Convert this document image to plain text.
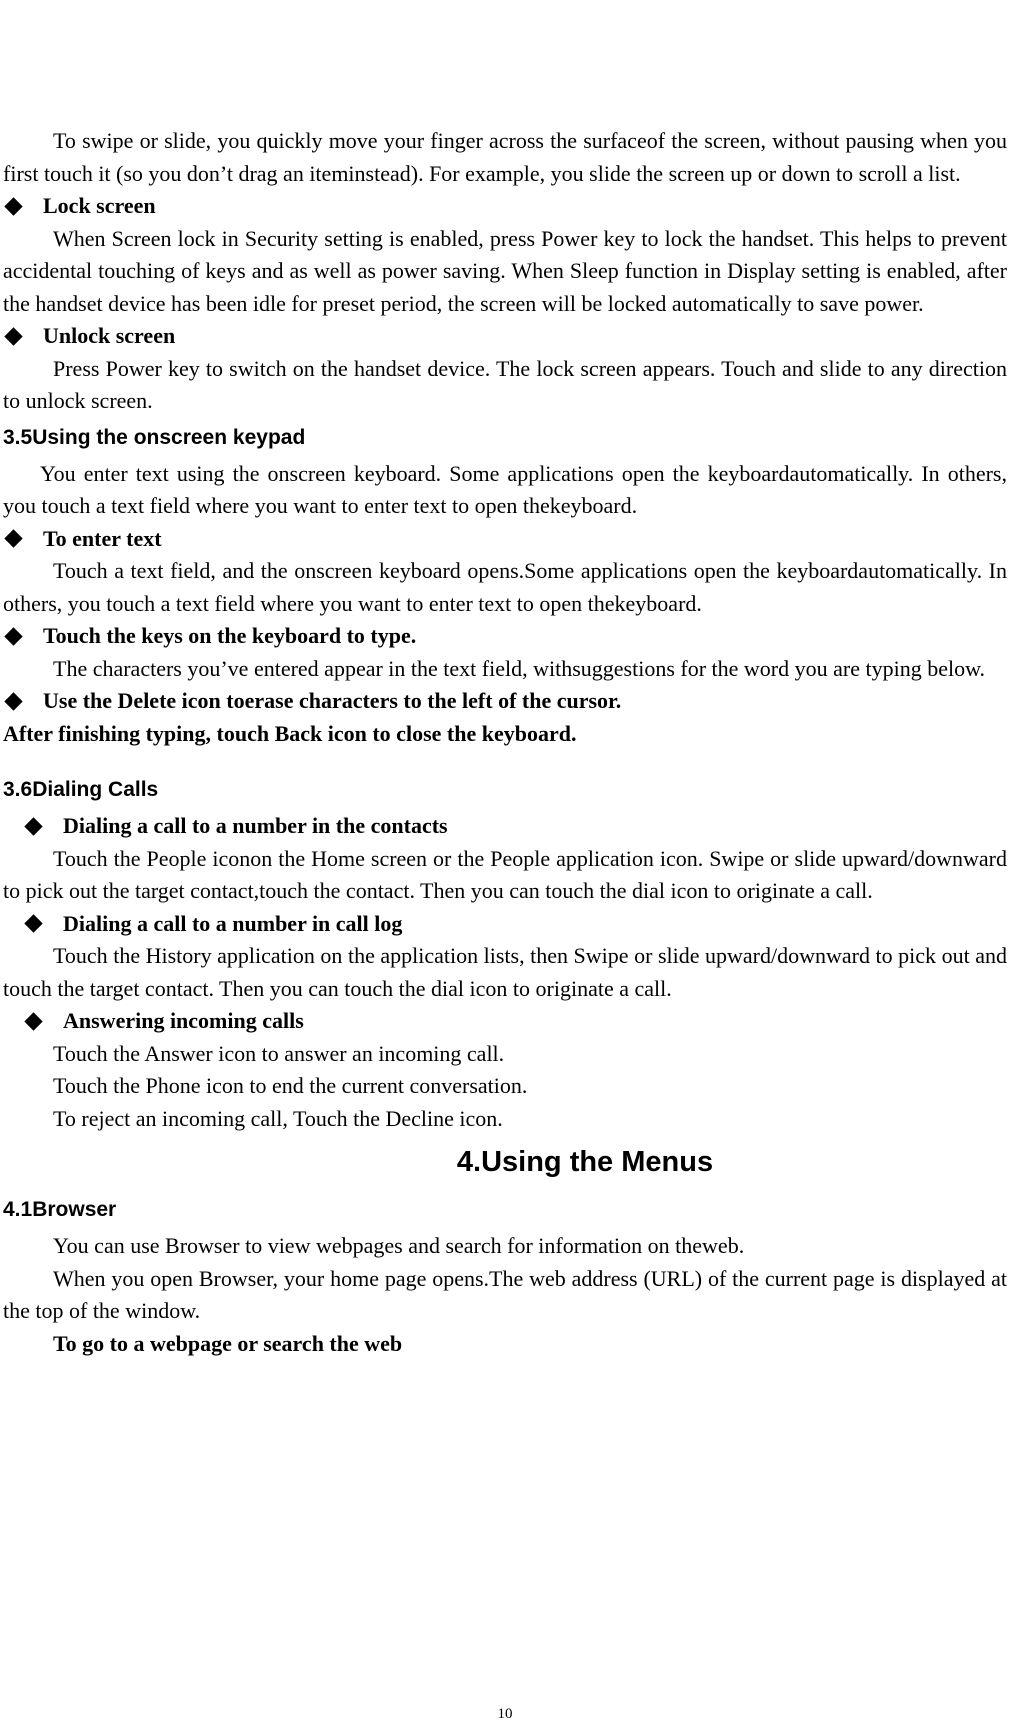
To swipe or slide, you quickly move your finger across the surfaceof the screen, without pausing when you first touch it (so you don’t drag an iteminstead). For example, you slide the screen up or down to scroll a list.

Lock screen

When Screen lock in Security setting is enabled, press Power key to lock the handset. This helps to prevent accidental touching of keys and as well as power saving. When Sleep function in Display setting is enabled, after the handset device has been idle for preset period, the screen will be locked automatically to save power.

Unlock screen

Press Power key to switch on the handset device. The lock screen appears. Touch and slide to any direction to unlock screen.

3.5Using the onscreen keypad

You enter text using the onscreen keyboard. Some applications open the keyboardautomatically. In others, you touch a text field where you want to enter text to open thekeyboard.

To enter text

Touch a text field, and the onscreen keyboard opens.Some applications open the keyboardautomatically. In others, you touch a text field where you want to enter text to open thekeyboard.

Touch the keys on the keyboard to type.

The characters you’ve entered appear in the text field, withsuggestions for the word you are typing below.

Use the Delete icon toerase characters to the left of the cursor.

After finishing typing, touch Back icon to close the keyboard.

3.6Dialing Calls
Dialing a call to a number in the contacts

Touch the People iconon the Home screen or the People application icon. Swipe or slide upward/downward to pick out the target contact,touch the contact. Then you can touch the dial icon to originate a call.

Dialing a call to a number in call log

Touch the History application on the application lists, then Swipe or slide upward/downward to pick out and touch the target contact. Then you can touch the dial icon to originate a call.

Answering incoming calls

Touch the Answer icon to answer an incoming call.

Touch the Phone icon to end the current conversation.

To reject an incoming call, Touch the Decline icon.

4.Using the Menus
4.1Browser

You can use Browser to view webpages and search for information on theweb.

When you open Browser, your home page opens.The web address (URL) of the current page is displayed at the top of the window.

To go to a webpage or search the web

10
